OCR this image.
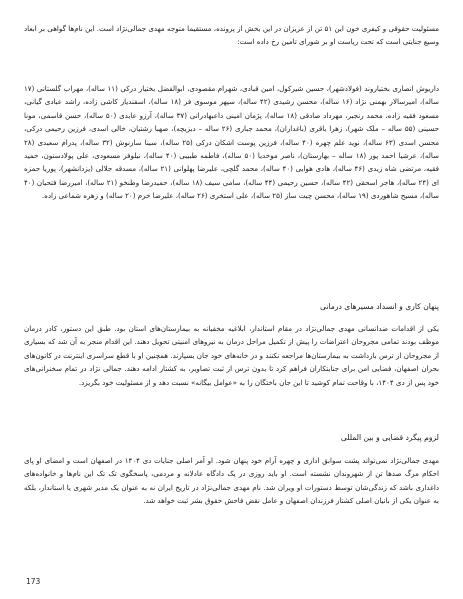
مسئولیت حقوقی و کیفری خون این ۵۱ تن از عزیزان در این بخش از پرونده، مستقیما متوجه مهدی جمالی‌نژاد است. این نام‌ها گواهی بر ابعاد وسیع جنایتی است که تحت ریاست او بر شورای تامین رخ داده است:

داریوش انصاری بختیاروند (فولادشهر)، حسین شیرکول، امین قبادی، شهرام مقصودی، ابوالفضل بختیار درکی (۱۱ ساله)، مهراب گلستانی (۱۷ ساله)، امیرسالار بهمنی نژاد (۱۶ ساله)، محسن رشیدی (۴۲ ساله)، سپهر موسوی فر (۱۸ ساله)، اسفندیار کاشی زاده، راشد عبادی گیانی، مسعود فقیه زاده، محمد رنجبر، مهرداد صادقی (۱۸ ساله)، پژمان امینی داعبهادرانی (۳۷ ساله)، آرزو عابدی (۵۰ ساله)، حسن قاسمی، مونا حسینی (۵۵ ساله – ملک شهر)، زهرا باقری (باغداران)، محمد جباری (۲۶ ساله – دیزیچه)، صهبا رشتیان، خالی اسدی، فرزین رحیمی درکی، محسن اسدی (۶۳ ساله)، نوید علم چهره (۴۰ ساله)، فرزین پوست اشکان درکی (۲۵ ساله)، سینا سارنوش (۳۲ ساله)، پدرام سعیدی (۲۸ ساله)، عرشیا احمد پور (۱۸ ساله – بهارستان)، ناصر موحدیا (۵۰ ساله)، فاطمه طبیبی (۴۰ ساله)، نیلوفر مسعودی، علی پولادستون، حمید فقیه، مرتضی شاه زیدی (۴۶ ساله)، هادی هوایی (۴۰ ساله)، محمد گلچی، علیرضا پهلوانی (۲۱ ساله)، مسدقه جلالی (یزدانشهر)، پوریا حمزه ای (۲۴ ساله)، هاجر اسحقی (۴۲ ساله)، حسین رحیمی (۴۴ ساله)، سامی سیف (۱۸ ساله)، حمیدرضا وطنخو (۲۱ ساله)، امیررضا فتحیان (۴۰ ساله)، مسیح شاهوردی (۱۹ ساله)، محسن چیت ساز (۲۵ ساله)، علی استخری (۲۶ ساله)، علیرضا خرم (۲۰ ساله) و زهره شماعی زاده.

پنهان کاری و انسداد مسیرهای درمانی

یکی از اقدامات ضدانسانی مهدی جمالی‌نژاد در مقام استاندار، ابلاغیه مخفیانه به بیمارستان‌های استان بود. طبق این دستور، کادر درمان موظف بودند تمامی مجروحان اعتراضات را پیش از تکمیل مراحل درمان به نیروهای امنیتی تحویل دهند. این اقدام منجر به آن شد که بسیاری از مجروحان از ترس بازداشت به بیمارستان‌ها مراجعه نکنند و در خانه‌های خود جان بسپارند. همچنین او با قطع سراسری اینترنت در کانون‌های بحران اصفهان، فضایی امن برای جنایتکاران فراهم کرد تا بدون ترس از ثبت تصاویر، به کشتار ادامه دهند. جمالی نژاد در تمام سخنرانی‌های خود پس از دی ۱۴۰۴، با وقاحت تمام کوشید تا این جان باختگان را به «عوامل بیگانه» نسبت دهد و از مسئولیت خود بگریزد.

لزوم پیگرد قضایی و بین المللی

مهدی جمالی‌نژاد نمی‌تواند پشت سوابق اداری و چهره آرام خود پنهان شود. او آمر اصلی جنایات دی ۱۴۰۴ در اصفهان است و امضای او پای احکام مرگ صدها تن از شهروندان نشسته است. او باید روزی در یک دادگاه عادلانه و مردمی، پاسخگوی تک تک این نام‌ها و خانواده‌های داغداری باشد که زندگی‌شان توسط دستورات او ویران شد. نام مهدی جمالی‌نژاد در تاریخ ایران نه به عنوان یک مدیر شهری یا استاندار، بلکه به عنوان یکی از بانیان اصلی کشتار فرزندان اصفهان و عامل نقض فاحش حقوق بشر ثبت خواهد شد.

173
